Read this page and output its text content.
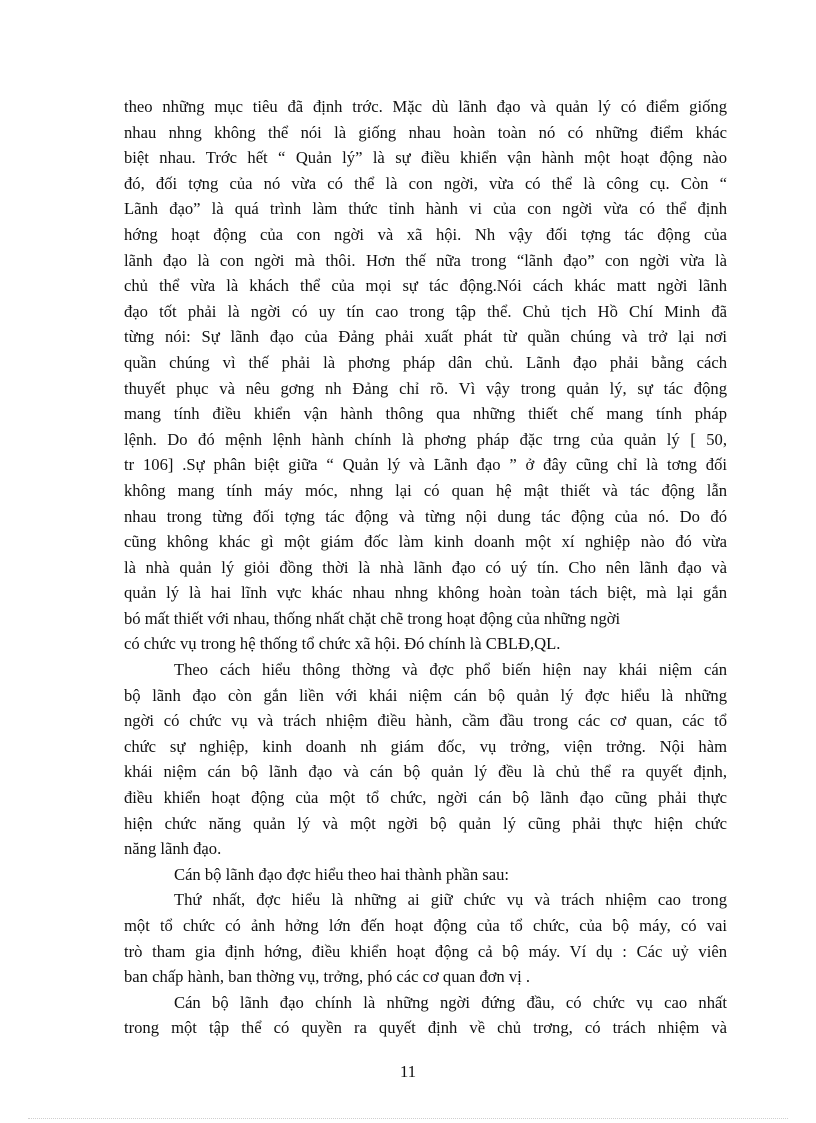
theo những mục tiêu đã định trớc. Mặc dù lãnh đạo và quản lý có điểm giống
nhau nhng không thể nói là giống nhau hoàn toàn nó có những điểm khác
biệt nhau. Trớc hết “ Quản lý” là sự điều khiển vận hành một hoạt động nào
đó, đối tợng của nó vừa có thể là con ngời, vừa có thể là công cụ. Còn “
Lãnh đạo” là quá trình làm thức tỉnh hành vi của con ngời vừa có thể định
hớng hoạt động của con ngời và xã hội. Nh vậy đối tợng tác động của
lãnh đạo là con ngời mà thôi. Hơn thế nữa trong “lãnh đạo” con ngời vừa là
chủ thể vừa là khách thể của mọi sự tác động.Nói cách khác matt ngời lãnh
đạo tốt phải là ngời có uy tín cao trong tập thể. Chủ tịch Hồ Chí Minh đã
từng nói: Sự lãnh đạo của Đảng phải xuất phát từ quần chúng và trở lại nơi
quần chúng vì thế phải là phơng pháp dân chủ. Lãnh đạo phải bằng cách
thuyết phục và nêu gơng nh Đảng chỉ rõ. Vì vậy trong quản lý, sự tác động
mang tính điều khiển vận hành thông qua những thiết chế mang tính pháp
lệnh. Do đó mệnh lệnh hành chính là phơng pháp đặc trng của quản lý [ 50,
tr 106] .Sự phân biệt giữa “ Quản lý và Lãnh đạo ” ở đây cũng chỉ là tơng đối
không mang tính máy móc, nhng lại có quan hệ mật thiết và tác động lẫn
nhau trong từng đối tợng tác động và từng nội dung tác động của nó. Do đó
cũng không khác gì một giám đốc làm kinh doanh một xí nghiệp nào đó vừa
là nhà quản lý giỏi đồng thời là nhà lãnh đạo có uý tín. Cho nên lãnh đạo và
quản lý là hai lĩnh vực khác nhau nhng không hoàn toàn tách biệt, mà lại gắn
bó mất thiết với nhau, thống nhất chặt chẽ trong hoạt động của những ngời
có chức vụ trong hệ thống tổ chức xã hội. Đó chính là CBLĐ,QL.
Theo cách hiểu thông thờng và đợc phổ biến hiện nay khái niệm cán
bộ lãnh đạo còn gắn liền với khái niệm cán bộ quản lý đợc hiểu là những
ngời có chức vụ và trách nhiệm điều hành, cầm đầu trong các cơ quan, các tổ
chức sự nghiệp, kinh doanh nh giám đốc, vụ trởng, viện trởng. Nội hàm
khái niệm cán bộ lãnh đạo và cán bộ quản lý đều là chủ thể ra quyết định,
điều khiển hoạt động của một tổ chức, ngời cán bộ lãnh đạo cũng phải thực
hiện chức năng quản lý và một ngời bộ quản lý cũng phải thực hiện chức
năng lãnh đạo.
Cán bộ lãnh đạo đợc hiểu theo hai thành phần sau:
Thứ nhất, đợc hiểu là những ai giữ chức vụ và trách nhiệm cao trong
một tổ chức có ảnh hởng lớn đến hoạt động của tổ chức, của bộ máy, có vai
trò tham gia định hớng, điều khiển hoạt động cả bộ máy. Ví dụ : Các uỷ viên
ban chấp hành, ban thờng vụ, trởng, phó các cơ quan đơn vị .
Cán bộ lãnh đạo chính là những ngời đứng đầu, có chức vụ cao nhất
trong một tập thể có quyền ra quyết định về chủ trơng, có trách nhiệm và
11
